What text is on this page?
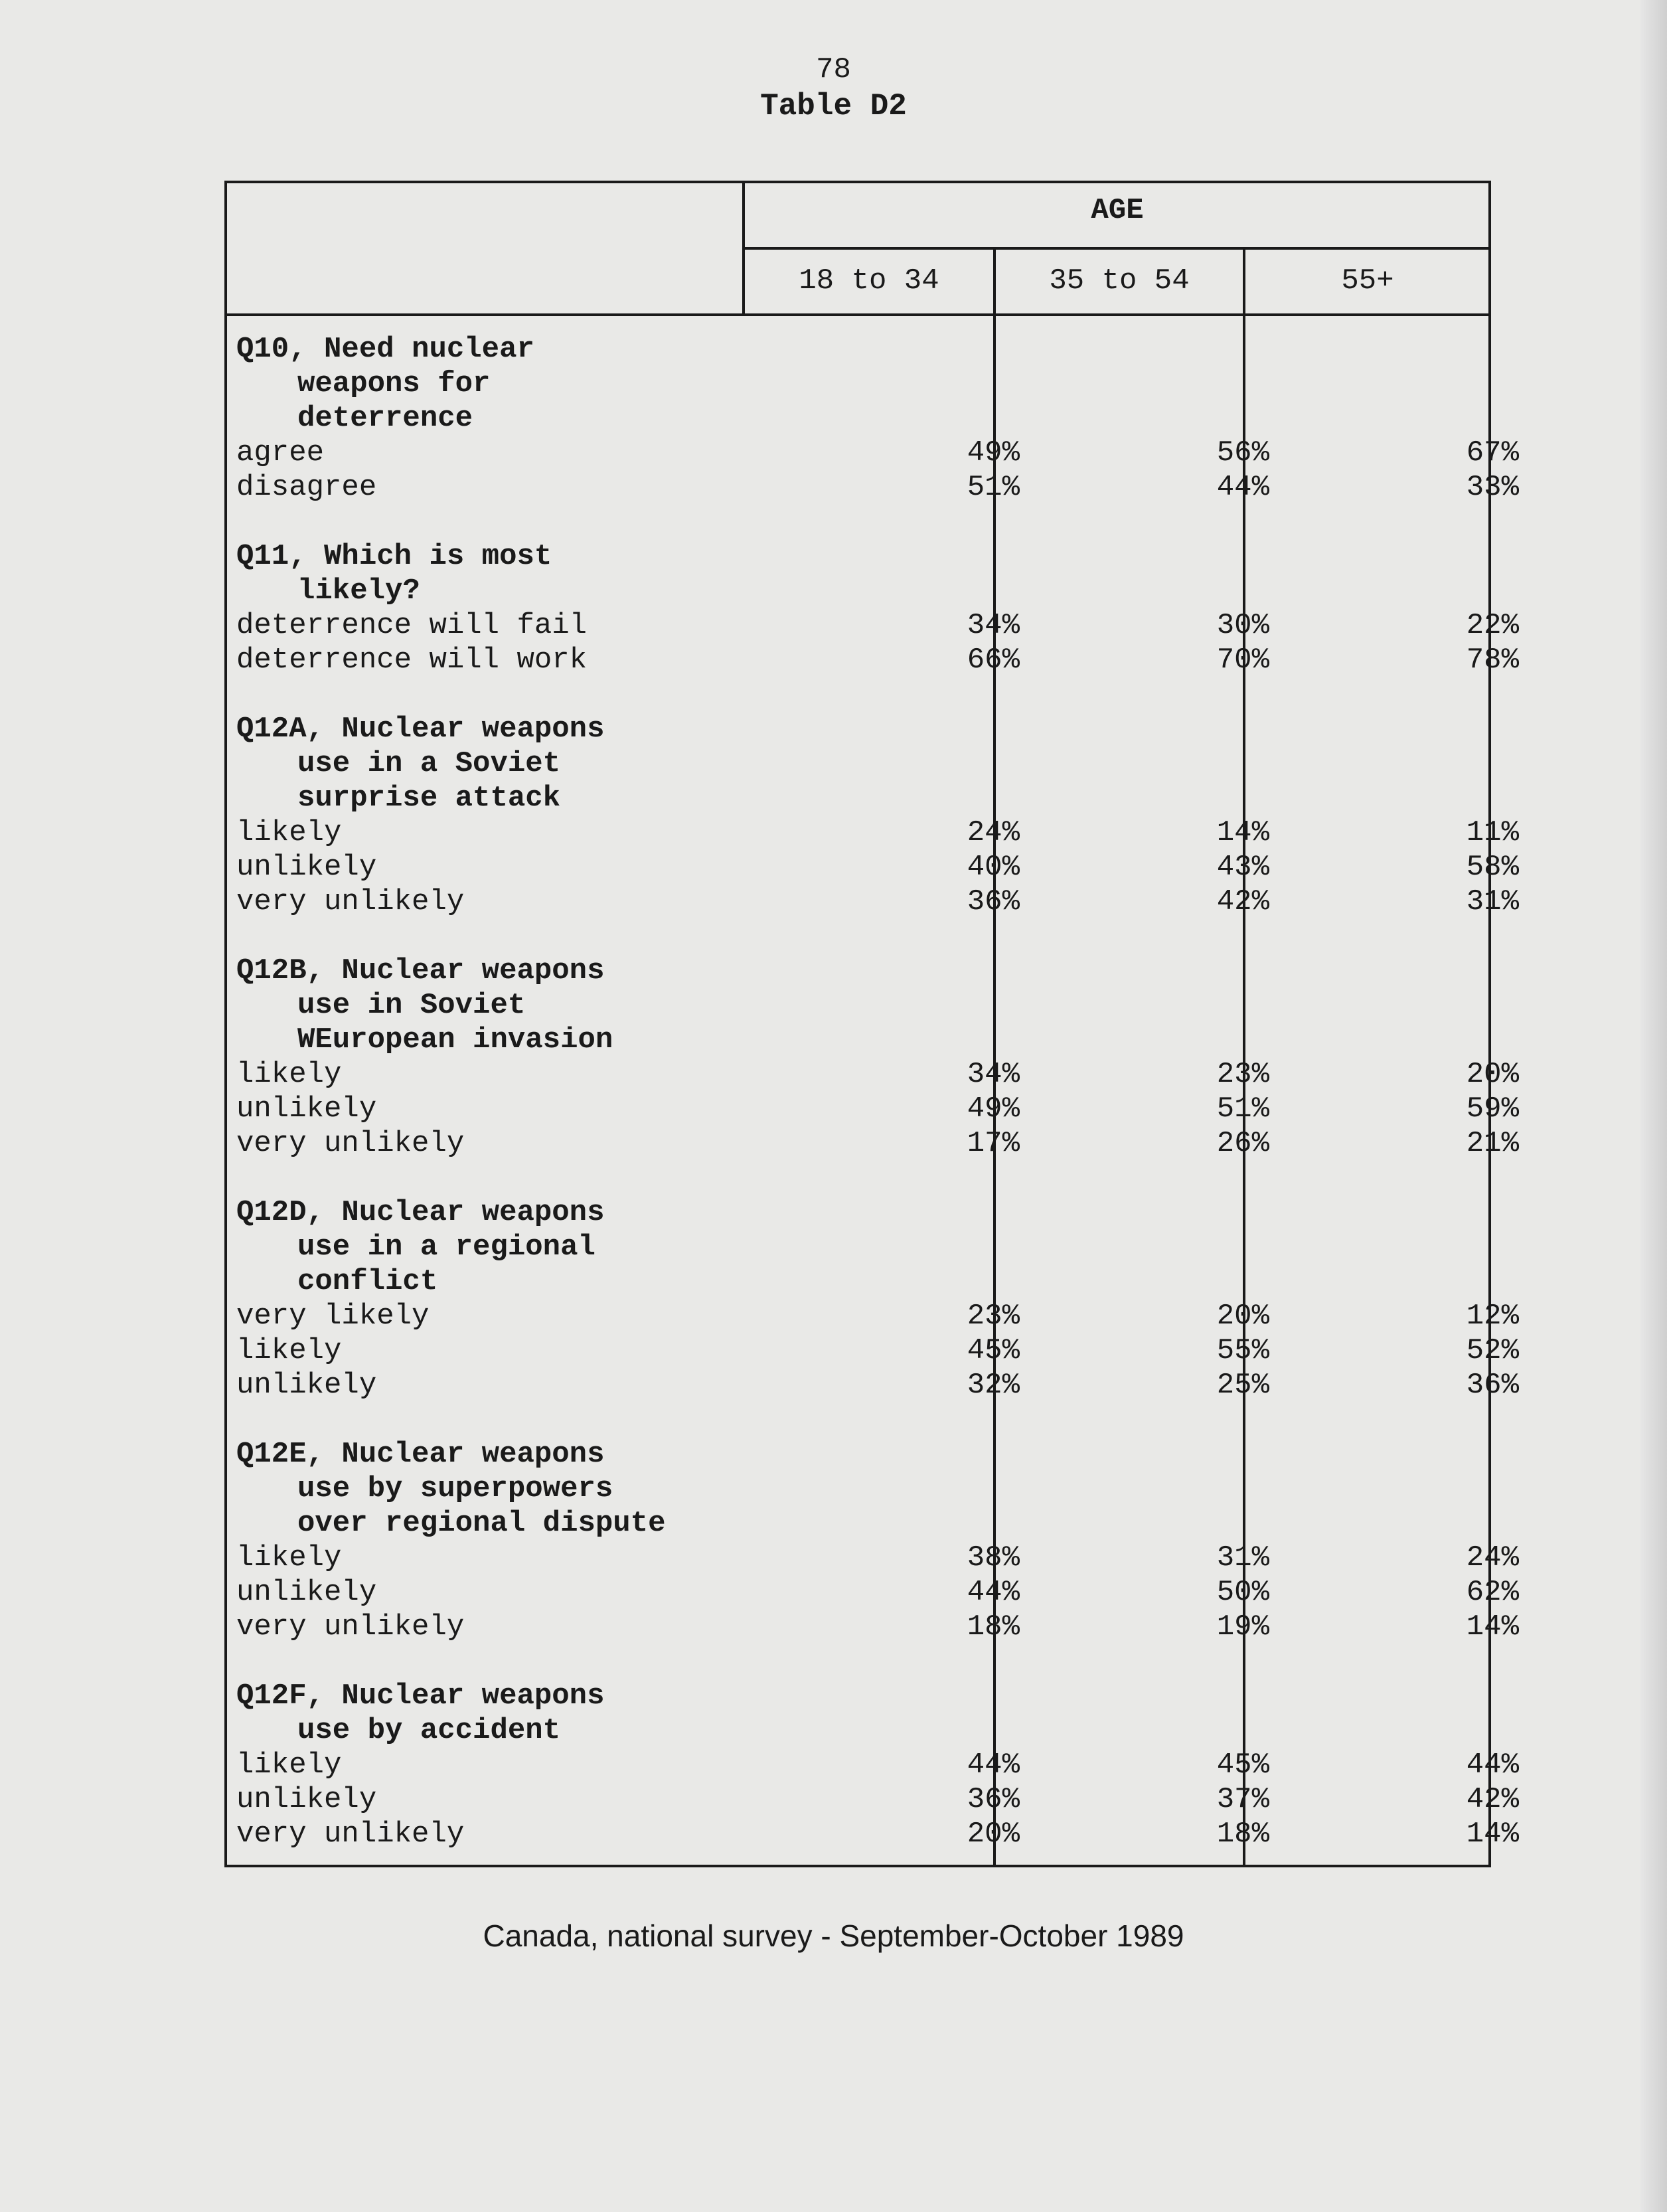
78
Table D2
AGE
18 to 34	35 to 54	55+
Q10, Need nuclear
weapons for
deterrence
agree	49%	56%	67%
disagree	51%	44%	33%
Q11, Which is most
likely?
deterrence will fail	34%	30%	22%
deterrence will work	66%	70%	78%
Q12A, Nuclear weapons
use in a Soviet
surprise attack
likely	24%	14%	11%
unlikely	40%	43%	58%
very unlikely	36%	42%	31%
Q12B, Nuclear weapons
use in Soviet
WEuropean invasion
likely	34%	23%	20%
unlikely	49%	51%	59%
very unlikely	17%	26%	21%
Q12D, Nuclear weapons
use in a regional
conflict
very likely	23%	20%	12%
likely	45%	55%	52%
unlikely	32%	25%	36%
Q12E, Nuclear weapons
use by superpowers
over regional dispute
likely	38%	31%	24%
unlikely	44%	50%	62%
very unlikely	18%	19%	14%
Q12F, Nuclear weapons
use by accident
likely	44%	45%	44%
unlikely	36%	37%	42%
very unlikely	20%	18%	14%
Canada, national survey - September-October 1989
